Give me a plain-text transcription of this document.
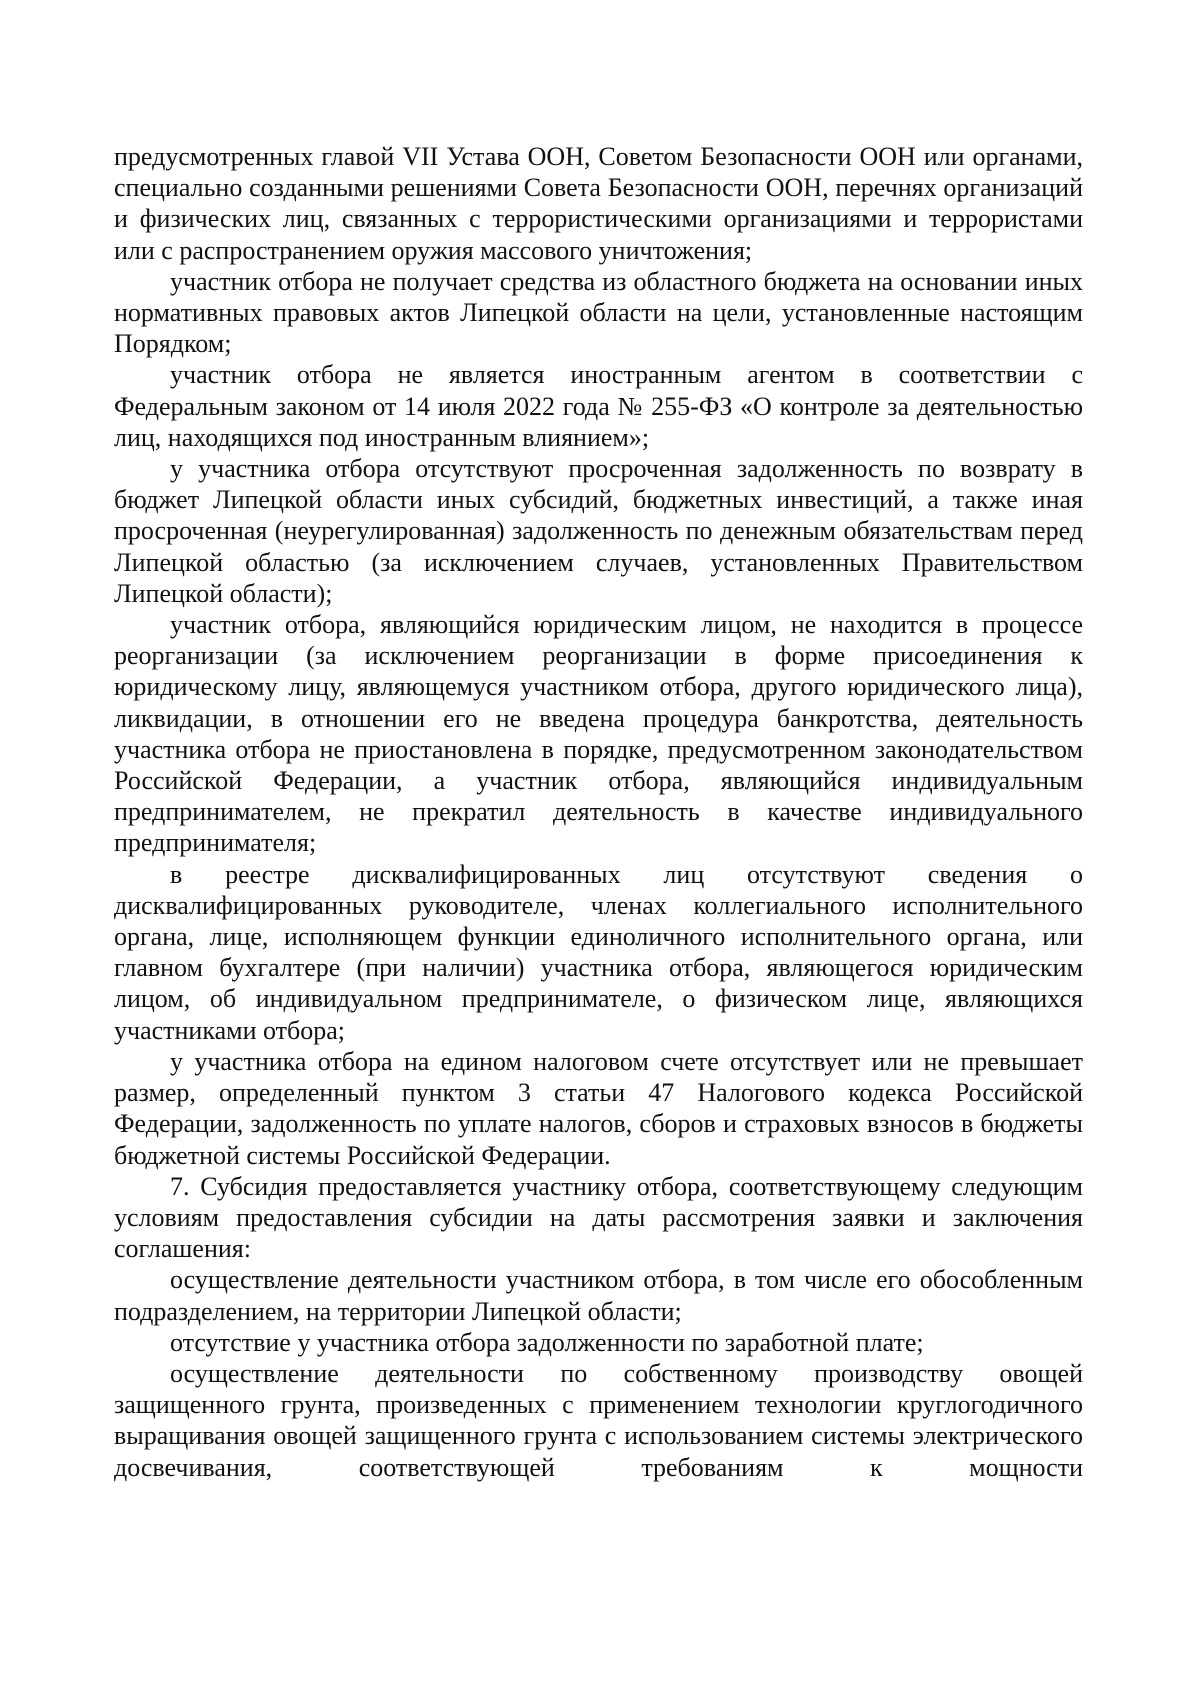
предусмотренных главой VII Устава ООН, Советом Безопасности ООН или органами, специально созданными решениями Совета Безопасности ООН, перечнях организаций и физических лиц, связанных с террористическими организациями и террористами или с распространением оружия массового уничтожения;

участник отбора не получает средства из областного бюджета на основании иных нормативных правовых актов Липецкой области на цели, установленные настоящим Порядком;

участник отбора не является иностранным агентом в соответствии с Федеральным законом от 14 июля 2022 года № 255-ФЗ «О контроле за деятельностью лиц, находящихся под иностранным влиянием»;

у участника отбора отсутствуют просроченная задолженность по возврату в бюджет Липецкой области иных субсидий, бюджетных инвестиций, а также иная просроченная (неурегулированная) задолженность по денежным обязательствам перед Липецкой областью (за исключением случаев, установленных Правительством Липецкой области);

участник отбора, являющийся юридическим лицом, не находится в процессе реорганизации (за исключением реорганизации в форме присоединения к юридическому лицу, являющемуся участником отбора, другого юридического лица), ликвидации, в отношении его не введена процедура банкротства, деятельность участника отбора не приостановлена в порядке, предусмотренном законодательством Российской Федерации, а участник отбора, являющийся индивидуальным предпринимателем, не прекратил деятельность в качестве индивидуального предпринимателя;

в реестре дисквалифицированных лиц отсутствуют сведения о дисквалифицированных руководителе, членах коллегиального исполнительного органа, лице, исполняющем функции единоличного исполнительного органа, или главном бухгалтере (при наличии) участника отбора, являющегося юридическим лицом, об индивидуальном предпринимателе, о физическом лице, являющихся участниками отбора;

у участника отбора на едином налоговом счете отсутствует или не превышает размер, определенный пунктом 3 статьи 47 Налогового кодекса Российской Федерации, задолженность по уплате налогов, сборов и страховых взносов в бюджеты бюджетной системы Российской Федерации.

7. Субсидия предоставляется участнику отбора, соответствующему следующим условиям предоставления субсидии на даты рассмотрения заявки и заключения соглашения:

осуществление деятельности участником отбора, в том числе его обособленным подразделением, на территории Липецкой области;

отсутствие у участника отбора задолженности по заработной плате;

осуществление деятельности по собственному производству овощей защищенного грунта, произведенных с применением технологии круглогодичного выращивания овощей защищенного грунта с использованием системы электрического досвечивания, соответствующей требованиям к мощности
